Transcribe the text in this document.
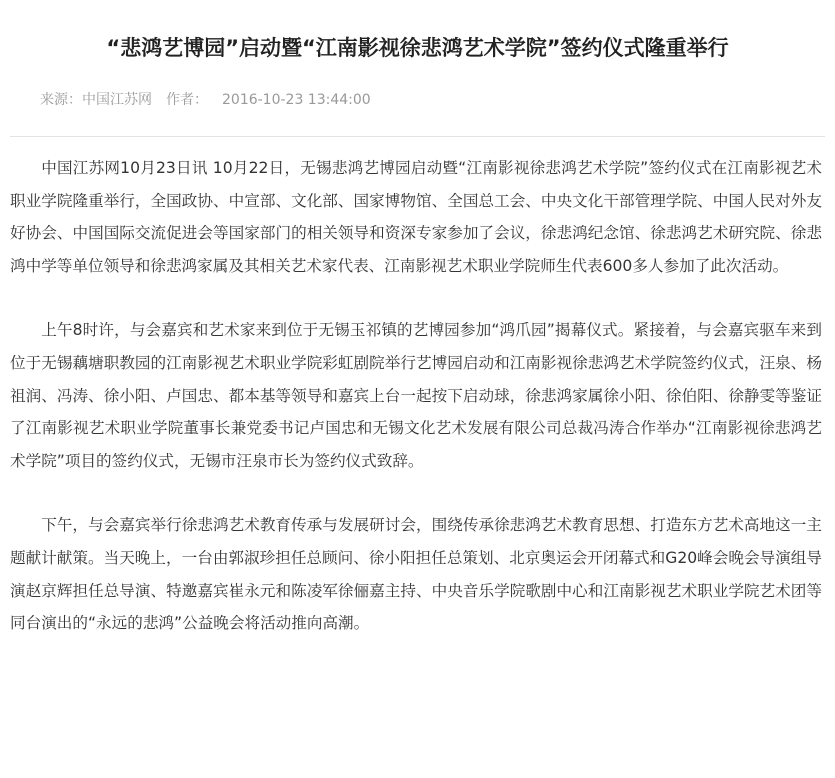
“悲鸿艺博园”启动暨“江南影视徐悲鸿艺术学院”签约仪式隆重举行
来源：中国江苏网 作者： 2016-10-23 13:44:00

中国江苏网10月23日讯 10月22日，无锡悲鸿艺博园启动暨“江南影视徐悲鸿艺术学院”签约仪式在江南影视艺术职业学院隆重举行，全国政协、中宣部、文化部、国家博物馆、全国总工会、中央文化干部管理学院、中国人民对外友好协会、中国国际交流促进会等国家部门的相关领导和资深专家参加了会议，徐悲鸿纪念馆、徐悲鸿艺术研究院、徐悲鸿中学等单位领导和徐悲鸿家属及其相关艺术家代表、江南影视艺术职业学院师生代表600多人参加了此次活动。

上午8时许，与会嘉宾和艺术家来到位于无锡玉祁镇的艺博园参加“鸿爪园”揭幕仪式。紧接着，与会嘉宾驱车来到位于无锡藕塘职教园的江南影视艺术职业学院彩虹剧院举行艺博园启动和江南影视徐悲鸿艺术学院签约仪式，汪泉、杨祖润、冯涛、徐小阳、卢国忠、都本基等领导和嘉宾上台一起按下启动球，徐悲鸿家属徐小阳、徐伯阳、徐静雯等鉴证了江南影视艺术职业学院董事长兼党委书记卢国忠和无锡文化艺术发展有限公司总裁冯涛合作举办“江南影视徐悲鸿艺术学院”项目的签约仪式，无锡市汪泉市长为签约仪式致辞。

下午，与会嘉宾举行徐悲鸿艺术教育传承与发展研讨会，围绕传承徐悲鸿艺术教育思想、打造东方艺术高地这一主题献计献策。当天晚上，一台由郭淑珍担任总顾问、徐小阳担任总策划、北京奥运会开闭幕式和G20峰会晚会导演组导演赵京辉担任总导演、特邀嘉宾崔永元和陈凌军徐俪嘉主持、中央音乐学院歌剧中心和江南影视艺术职业学院艺术团等同台演出的“永远的悲鸿”公益晚会将活动推向高潮。
